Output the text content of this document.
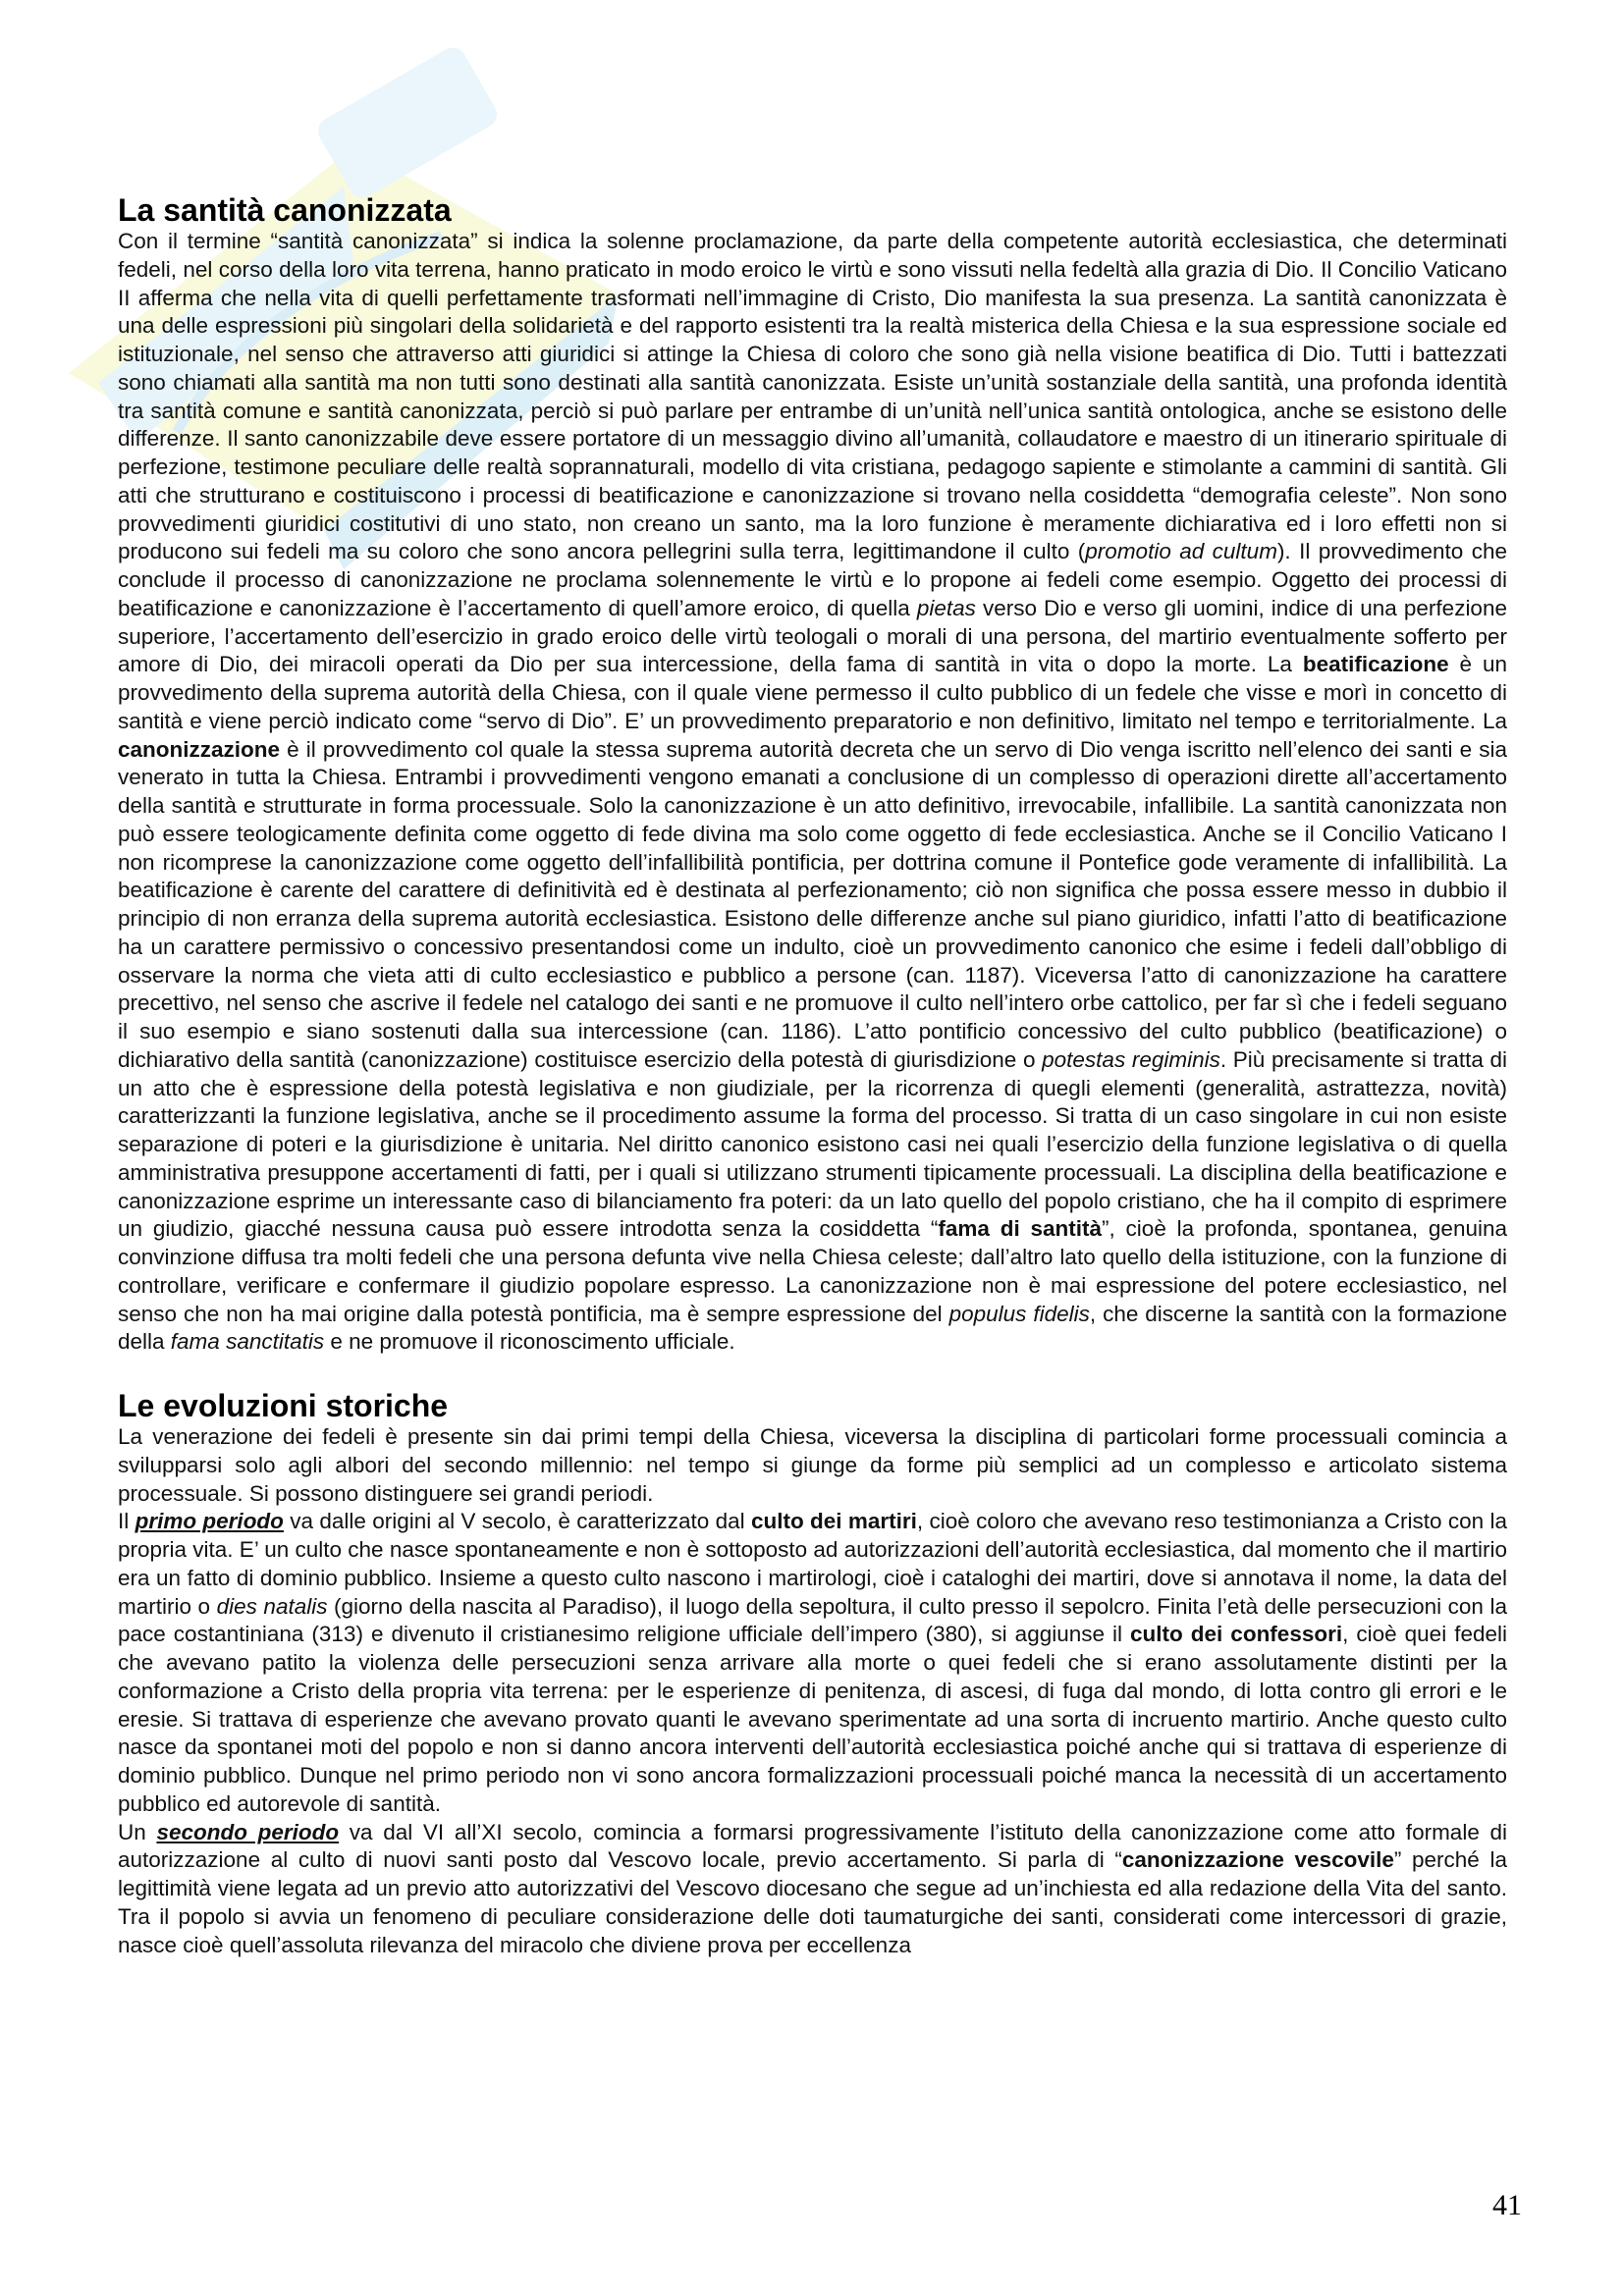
La santità canonizzata

Con il termine “santità canonizzata” si indica la solenne proclamazione, da parte della competente autorità ecclesiastica, che determinati fedeli, nel corso della loro vita terrena, hanno praticato in modo eroico le virtù e sono vissuti nella fedeltà alla grazia di Dio. Il Concilio Vaticano II afferma che nella vita di quelli perfettamente trasformati nell’immagine di Cristo, Dio manifesta la sua presenza. La santità canonizzata è una delle espressioni più singolari della solidarietà e del rapporto esistenti tra la realtà misterica della Chiesa e la sua espressione sociale ed istituzionale, nel senso che attraverso atti giuridici si attinge la Chiesa di coloro che sono già nella visione beatifica di Dio. Tutti i battezzati sono chiamati alla santità ma non tutti sono destinati alla santità canonizzata. Esiste un’unità sostanziale della santità, una profonda identità tra santità comune e santità canonizzata, perciò si può parlare per entrambe di un’unità nell’unica santità ontologica, anche se esistono delle differenze. Il santo canonizzabile deve essere portatore di un messaggio divino all’umanità, collaudatore e maestro di un itinerario spirituale di perfezione, testimone peculiare delle realtà soprannaturali, modello di vita cristiana, pedagogo sapiente e stimolante a cammini di santità. Gli atti che strutturano e costituiscono i processi di beatificazione e canonizzazione si trovano nella cosiddetta “demografia celeste”. Non sono provvedimenti giuridici costitutivi di uno stato, non creano un santo, ma la loro funzione è meramente dichiarativa ed i loro effetti non si producono sui fedeli ma su coloro che sono ancora pellegrini sulla terra, legittimandone il culto (promotio ad cultum). Il provvedimento che conclude il processo di canonizzazione ne proclama solennemente le virtù e lo propone ai fedeli come esempio. Oggetto dei processi di beatificazione e canonizzazione è l’accertamento di quell’amore eroico, di quella pietas verso Dio e verso gli uomini, indice di una perfezione superiore, l’accertamento dell’esercizio in grado eroico delle virtù teologali o morali di una persona, del martirio eventualmente sofferto per amore di Dio, dei miracoli operati da Dio per sua intercessione, della fama di santità in vita o dopo la morte. La beatificazione è un provvedimento della suprema autorità della Chiesa, con il quale viene permesso il culto pubblico di un fedele che visse e morì in concetto di santità e viene perciò indicato come “servo di Dio”. E’ un provvedimento preparatorio e non definitivo, limitato nel tempo e territorialmente. La canonizzazione è il provvedimento col quale la stessa suprema autorità decreta che un servo di Dio venga iscritto nell’elenco dei santi e sia venerato in tutta la Chiesa. Entrambi i provvedimenti vengono emanati a conclusione di un complesso di operazioni dirette all’accertamento della santità e strutturate in forma processuale. Solo la canonizzazione è un atto definitivo, irrevocabile, infallibile. La santità canonizzata non può essere teologicamente definita come oggetto di fede divina ma solo come oggetto di fede ecclesiastica. Anche se il Concilio Vaticano I non ricomprese la canonizzazione come oggetto dell’infallibilità pontificia, per dottrina comune il Pontefice gode veramente di infallibilità. La beatificazione è carente del carattere di definitività ed è destinata al perfezionamento; ciò non significa che possa essere messo in dubbio il principio di non erranza della suprema autorità ecclesiastica. Esistono delle differenze anche sul piano giuridico, infatti l’atto di beatificazione ha un carattere permissivo o concessivo presentandosi come un indulto, cioè un provvedimento canonico che esime i fedeli dall’obbligo di osservare la norma che vieta atti di culto ecclesiastico e pubblico a persone (can. 1187). Viceversa l’atto di canonizzazione ha carattere precettivo, nel senso che ascrive il fedele nel catalogo dei santi e ne promuove il culto nell’intero orbe cattolico, per far sì che i fedeli seguano il suo esempio e siano sostenuti dalla sua intercessione (can. 1186). L’atto pontificio concessivo del culto pubblico (beatificazione) o dichiarativo della santità (canonizzazione) costituisce esercizio della potestà di giurisdizione o potestas regiminis. Più precisamente si tratta di un atto che è espressione della potestà legislativa e non giudiziale, per la ricorrenza di quegli elementi (generalità, astrattezza, novità) caratterizzanti la funzione legislativa, anche se il procedimento assume la forma del processo. Si tratta di un caso singolare in cui non esiste separazione di poteri e la giurisdizione è unitaria. Nel diritto canonico esistono casi nei quali l’esercizio della funzione legislativa o di quella amministrativa presuppone accertamenti di fatti, per i quali si utilizzano strumenti tipicamente processuali. La disciplina della beatificazione e canonizzazione esprime un interessante caso di bilanciamento fra poteri: da un lato quello del popolo cristiano, che ha il compito di esprimere un giudizio, giacché nessuna causa può essere introdotta senza la cosiddetta “fama di santità”, cioè la profonda, spontanea, genuina convinzione diffusa tra molti fedeli che una persona defunta vive nella Chiesa celeste; dall’altro lato quello della istituzione, con la funzione di controllare, verificare e confermare il giudizio popolare espresso. La canonizzazione non è mai espressione del potere ecclesiastico, nel senso che non ha mai origine dalla potestà pontificia, ma è sempre espressione del populus fidelis, che discerne la santità con la formazione della fama sanctitatis e ne promuove il riconoscimento ufficiale.

Le evoluzioni storiche

La venerazione dei fedeli è presente sin dai primi tempi della Chiesa, viceversa la disciplina di particolari forme processuali comincia a svilupparsi solo agli albori del secondo millennio: nel tempo si giunge da forme più semplici ad un complesso e articolato sistema processuale. Si possono distinguere sei grandi periodi.

Il primo periodo va dalle origini al V secolo, è caratterizzato dal culto dei martiri, cioè coloro che avevano reso testimonianza a Cristo con la propria vita. E’ un culto che nasce spontaneamente e non è sottoposto ad autorizzazioni dell’autorità ecclesiastica, dal momento che il martirio era un fatto di dominio pubblico. Insieme a questo culto nascono i martirologi, cioè i cataloghi dei martiri, dove si annotava il nome, la data del martirio o dies natalis (giorno della nascita al Paradiso), il luogo della sepoltura, il culto presso il sepolcro. Finita l’età delle persecuzioni con la pace costantiniana (313) e divenuto il cristianesimo religione ufficiale dell’impero (380), si aggiunse il culto dei confessori, cioè quei fedeli che avevano patito la violenza delle persecuzioni senza arrivare alla morte o quei fedeli che si erano assolutamente distinti per la conformazione a Cristo della propria vita terrena: per le esperienze di penitenza, di ascesi, di fuga dal mondo, di lotta contro gli errori e le eresie. Si trattava di esperienze che avevano provato quanti le avevano sperimentate ad una sorta di incruento martirio. Anche questo culto nasce da spontanei moti del popolo e non si danno ancora interventi dell’autorità ecclesiastica poiché anche qui si trattava di esperienze di dominio pubblico. Dunque nel primo periodo non vi sono ancora formalizzazioni processuali poiché manca la necessità di un accertamento pubblico ed autorevole di santità.

Un secondo periodo va dal VI all’XI secolo, comincia a formarsi progressivamente l’istituto della canonizzazione come atto formale di autorizzazione al culto di nuovi santi posto dal Vescovo locale, previo accertamento. Si parla di “canonizzazione vescovile” perché la legittimità viene legata ad un previo atto autorizzativi del Vescovo diocesano che segue ad un’inchiesta ed alla redazione della Vita del santo. Tra il popolo si avvia un fenomeno di peculiare considerazione delle doti taumaturgiche dei santi, considerati come intercessori di grazie, nasce cioè quell’assoluta rilevanza del miracolo che diviene prova per eccellenza

41
